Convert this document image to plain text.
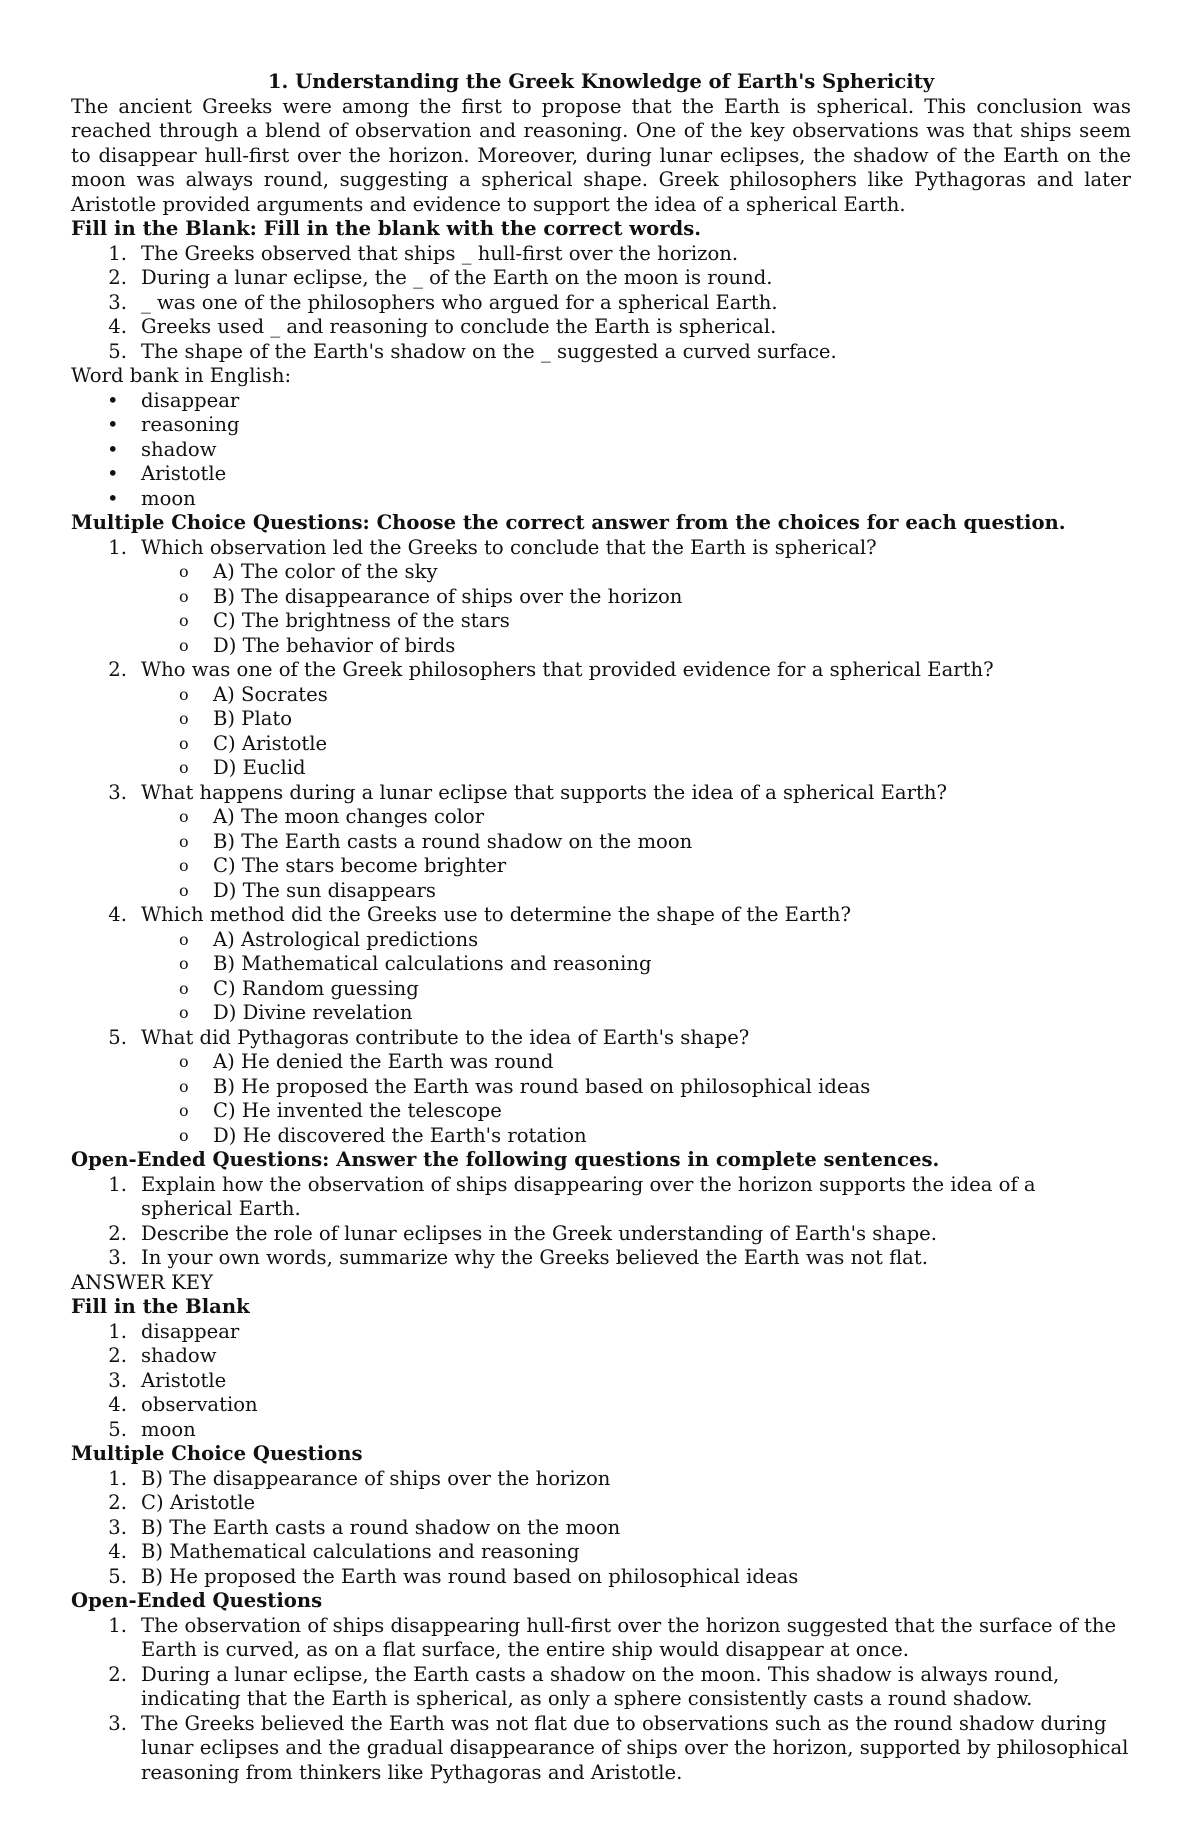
1. Understanding the Greek Knowledge of Earth's Sphericity
The ancient Greeks were among the first to propose that the Earth is spherical. This conclusion was reached through a blend of observation and reasoning. One of the key observations was that ships seem to disappear hull-first over the horizon. Moreover, during lunar eclipses, the shadow of the Earth on the moon was always round, suggesting a spherical shape. Greek philosophers like Pythagoras and later Aristotle provided arguments and evidence to support the idea of a spherical Earth.
Fill in the Blank: Fill in the blank with the correct words.
1. The Greeks observed that ships _ hull-first over the horizon.
2. During a lunar eclipse, the _ of the Earth on the moon is round.
3. _ was one of the philosophers who argued for a spherical Earth.
4. Greeks used _ and reasoning to conclude the Earth is spherical.
5. The shape of the Earth's shadow on the _ suggested a curved surface.
Word bank in English:
• disappear
• reasoning
• shadow
• Aristotle
• moon
Multiple Choice Questions: Choose the correct answer from the choices for each question.
1. Which observation led the Greeks to conclude that the Earth is spherical?
o A) The color of the sky
o B) The disappearance of ships over the horizon
o C) The brightness of the stars
o D) The behavior of birds
2. Who was one of the Greek philosophers that provided evidence for a spherical Earth?
o A) Socrates
o B) Plato
o C) Aristotle
o D) Euclid
3. What happens during a lunar eclipse that supports the idea of a spherical Earth?
o A) The moon changes color
o B) The Earth casts a round shadow on the moon
o C) The stars become brighter
o D) The sun disappears
4. Which method did the Greeks use to determine the shape of the Earth?
o A) Astrological predictions
o B) Mathematical calculations and reasoning
o C) Random guessing
o D) Divine revelation
5. What did Pythagoras contribute to the idea of Earth's shape?
o A) He denied the Earth was round
o B) He proposed the Earth was round based on philosophical ideas
o C) He invented the telescope
o D) He discovered the Earth's rotation
Open-Ended Questions: Answer the following questions in complete sentences.
1. Explain how the observation of ships disappearing over the horizon supports the idea of a spherical Earth.
2. Describe the role of lunar eclipses in the Greek understanding of Earth's shape.
3. In your own words, summarize why the Greeks believed the Earth was not flat.
ANSWER KEY
Fill in the Blank
1. disappear
2. shadow
3. Aristotle
4. observation
5. moon
Multiple Choice Questions
1. B) The disappearance of ships over the horizon
2. C) Aristotle
3. B) The Earth casts a round shadow on the moon
4. B) Mathematical calculations and reasoning
5. B) He proposed the Earth was round based on philosophical ideas
Open-Ended Questions
1. The observation of ships disappearing hull-first over the horizon suggested that the surface of the Earth is curved, as on a flat surface, the entire ship would disappear at once.
2. During a lunar eclipse, the Earth casts a shadow on the moon. This shadow is always round, indicating that the Earth is spherical, as only a sphere consistently casts a round shadow.
3. The Greeks believed the Earth was not flat due to observations such as the round shadow during lunar eclipses and the gradual disappearance of ships over the horizon, supported by philosophical reasoning from thinkers like Pythagoras and Aristotle.
